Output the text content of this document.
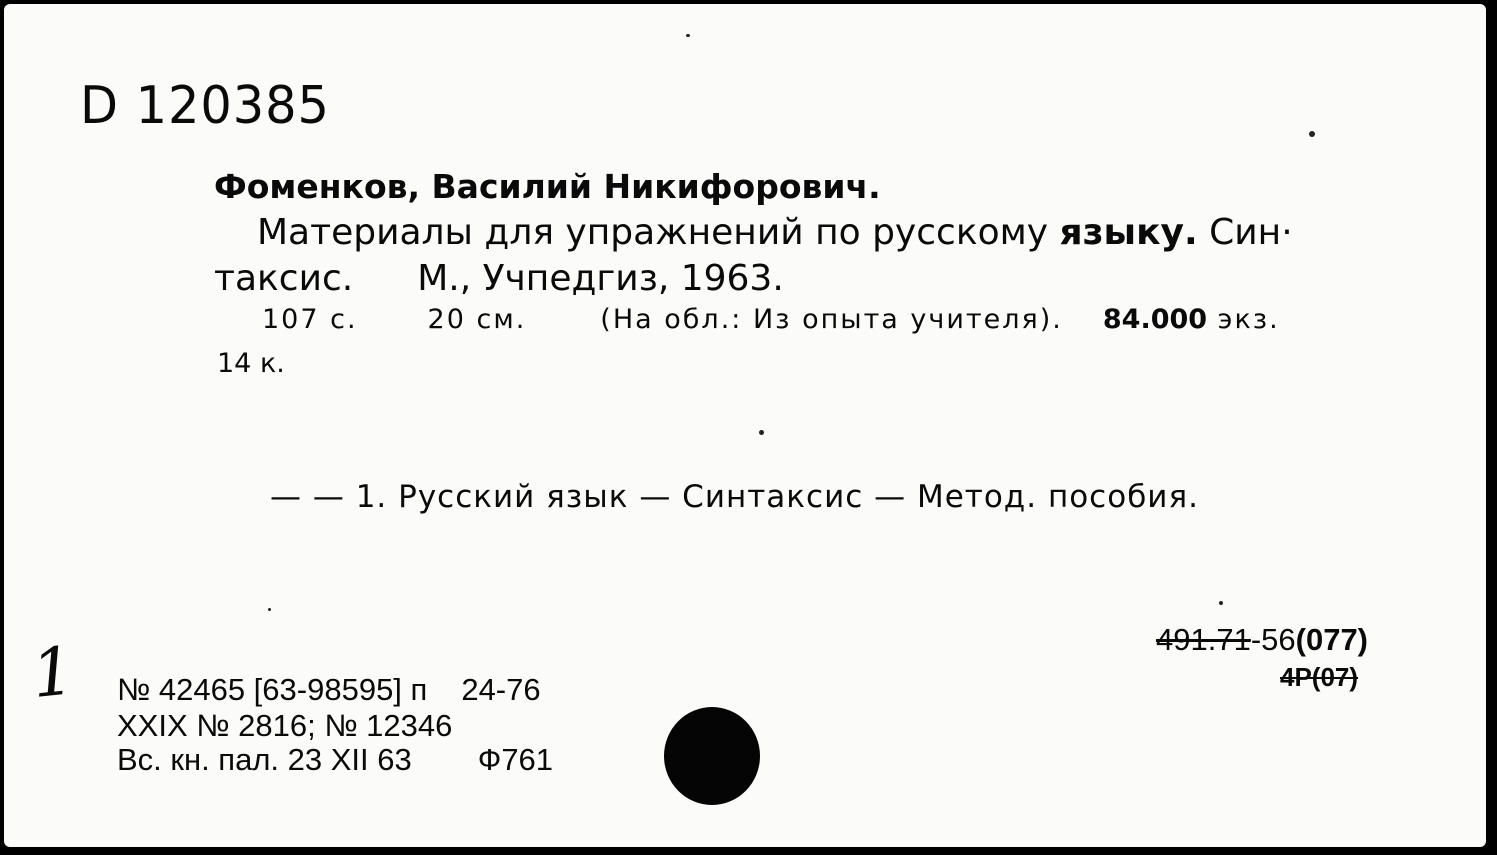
D 120385
Фоменков, Василий Никифорович.
Материалы для упражнений по русскому языку. Син·
таксис. М., Учпедгиз, 1963.
107 с.	20 см.	(На обл.: Из опыта учителя). 84.000 экз.
14 к.
— — 1. Русский язык — Синтаксис — Метод. пособия.
1 № 42465 [63-98595] п 24-76
XXIX № 2816; № 12346
Вс. кн. пал. 23 XII 63 Ф761
491.71-56(077)
4Р(07)
